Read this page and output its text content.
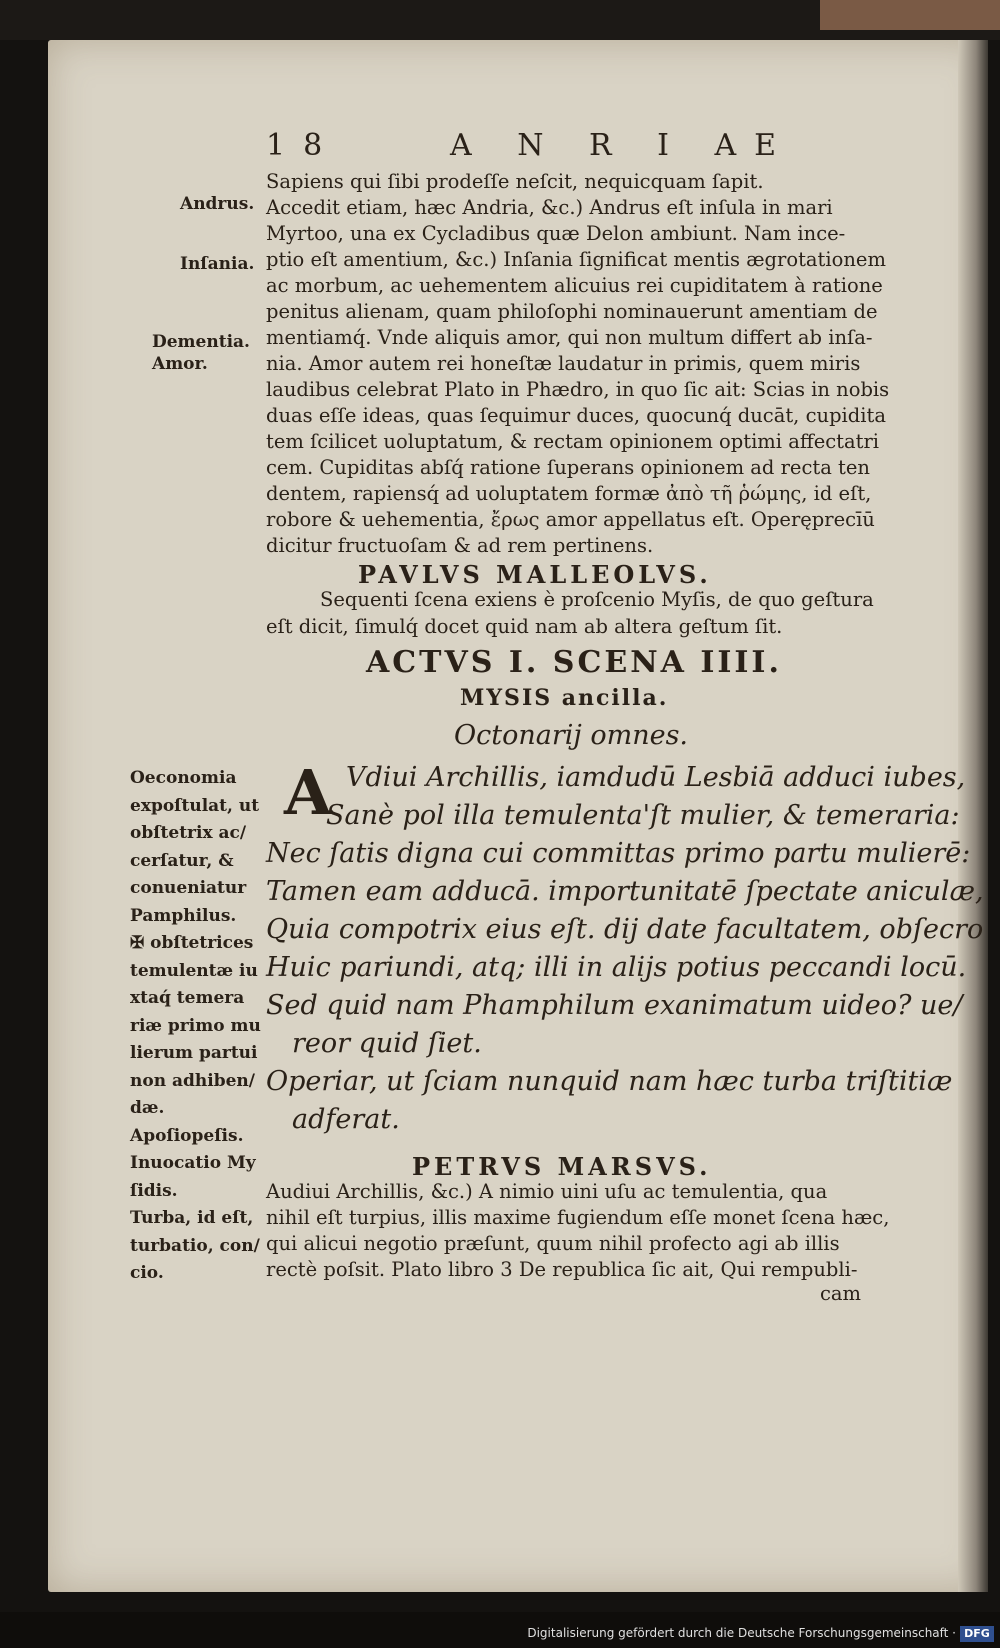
18	A N R I AE
Sapiens qui ſibi prodeſſe neſcit, nequicquam ſapit.
Accedit etiam, hæc Andria, &c.) Andrus eſt inſula in mari
Myrtoo, una ex Cycladibus quæ Delon ambiunt. Nam ince-
ptio eſt amentium, &c.) Inſania ſignificat mentis ægrotationem
ac morbum, ac uehementem alicuius rei cupiditatem à ratione
penitus alienam, quam philoſophi nominauerunt amentiam de
mentiamq́. Vnde aliquis amor, qui non multum differt ab inſa-
nia. Amor autem rei honeſtæ laudatur in primis, quem miris
laudibus celebrat Plato in Phædro, in quo ſic ait: Scias in nobis
duas eſſe ideas, quas ſequimur duces, quocunq́ ducāt, cupidita
tem ſcilicet uoluptatum, & rectam opinionem optimi affectatri
cem. Cupiditas abſq́ ratione ſuperans opinionem ad recta ten
dentem, rapiensq́ ad uoluptatem formæ ἀπὸ τῆ ῥώμης, id eſt,
robore & uehementia, ἔρως amor appellatus eſt. Operęprecīū
dicitur fructuoſam & ad rem pertinens.
Andrus.
Inſania.
Dementia.
Amor.
PAVLVS MALLEOLVS.
Sequenti ſcena exiens è proſcenio Myſis, de quo geſtura
eſt dicit, ſimulq́ docet quid nam ab altera geſtum ſit.
ACTVS I. SCENA IIII.
MYSIS ancilla.
Octonarij omnes.
A Vdiui Archillis, iamdudū Lesbiā adduci iubes,
Sanè pol illa temulenta'ſt mulier, & temeraria:
Nec ſatis digna cui committas primo partu mulierē:
Tamen eam adducā. importunitatē ſpectate aniculæ,
Quia compotrix eius eſt. dij date facultatem, obſecro
Huic pariundi, atq; illi in alijs potius peccandi locū.
Sed quid nam Phamphilum exanimatum uideo? ue/
reor quid ſiet.
Operiar, ut ſciam nunquid nam hæc turba triſtitiæ
adferat.
Oeconomia
expoſtulat, ut
obſtetrix ac/
cerſatur, &
conueniatur
Pamphilus.
✠ obſtetrices
temulentæ iu
xtaq́ temera
riæ primo mu
lierum partui
non adhiben/
dæ.
Apoſiopeſis.
Inuocatio My
ſidis.
Turba, id eſt,
turbatio, con/
cio.
PETRVS MARSVS.
Audiui Archillis, &c.) A nimio uini uſu ac temulentia, qua
nihil eſt turpius, illis maxime fugiendum eſſe monet ſcena hæc,
qui alicui negotio præſunt, quum nihil profecto agi ab illis
rectè poſsit. Plato libro 3 De republica ſic ait, Qui rempubli-
cam
Digitalisierung gefördert durch die Deutsche Forschungsgemeinschaft · DFG
